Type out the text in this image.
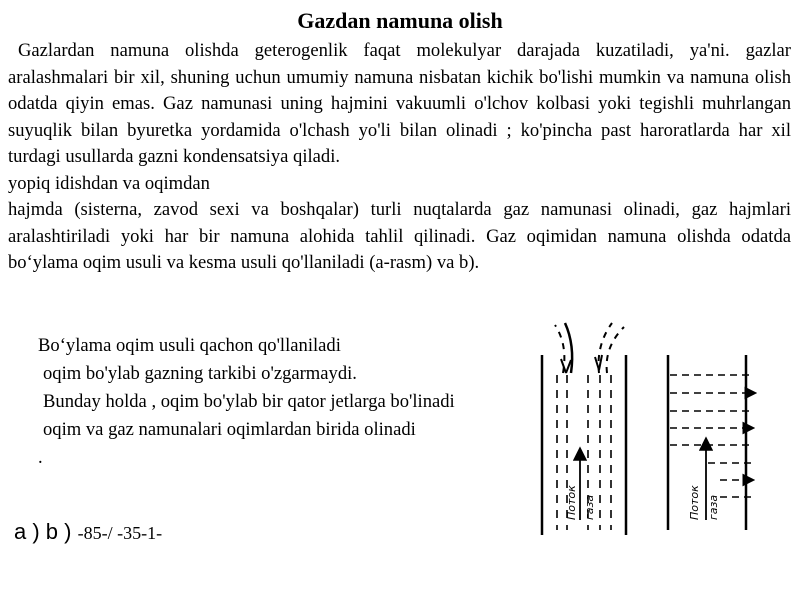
Gazdan namuna olish

Gazlardan namuna olishda geterogenlik faqat molekulyar darajada kuzatiladi, ya'ni. gazlar aralashmalari bir xil, shuning uchun umumiy namuna nisbatan kichik bo'lishi mumkin va namuna olish odatda qiyin emas. Gaz namunasi uning hajmini vakuumli o'lchov kolbasi yoki tegishli muhrlangan suyuqlik bilan byuretka yordamida o'lchash yo'li bilan olinadi ; ko'pincha past haroratlarda har xil turdagi usullarda gazni kondensatsiya qiladi.

yopiq idishdan va oqimdan

hajmda (sisterna, zavod sexi va boshqalar) turli nuqtalarda gaz namunasi olinadi, gaz hajmlari aralashtiriladi yoki har bir namuna alohida tahlil qilinadi. Gaz oqimidan namuna olishda odatda bo‘ylama oqim usuli va kesma usuli qo'llaniladi (a-rasm) va b).

Bo‘ylama oqim usuli qachon qo'llaniladi
oqim bo'ylab gazning tarkibi o'zgarmaydi.
Bunday holda , oqim bo'ylab bir qator jetlarga bo'linadi
oqim va gaz namunalari oqimlardan birida olinadi
.
a ) b ) -85-/ -35-1-
Поток газа	Поток газа
